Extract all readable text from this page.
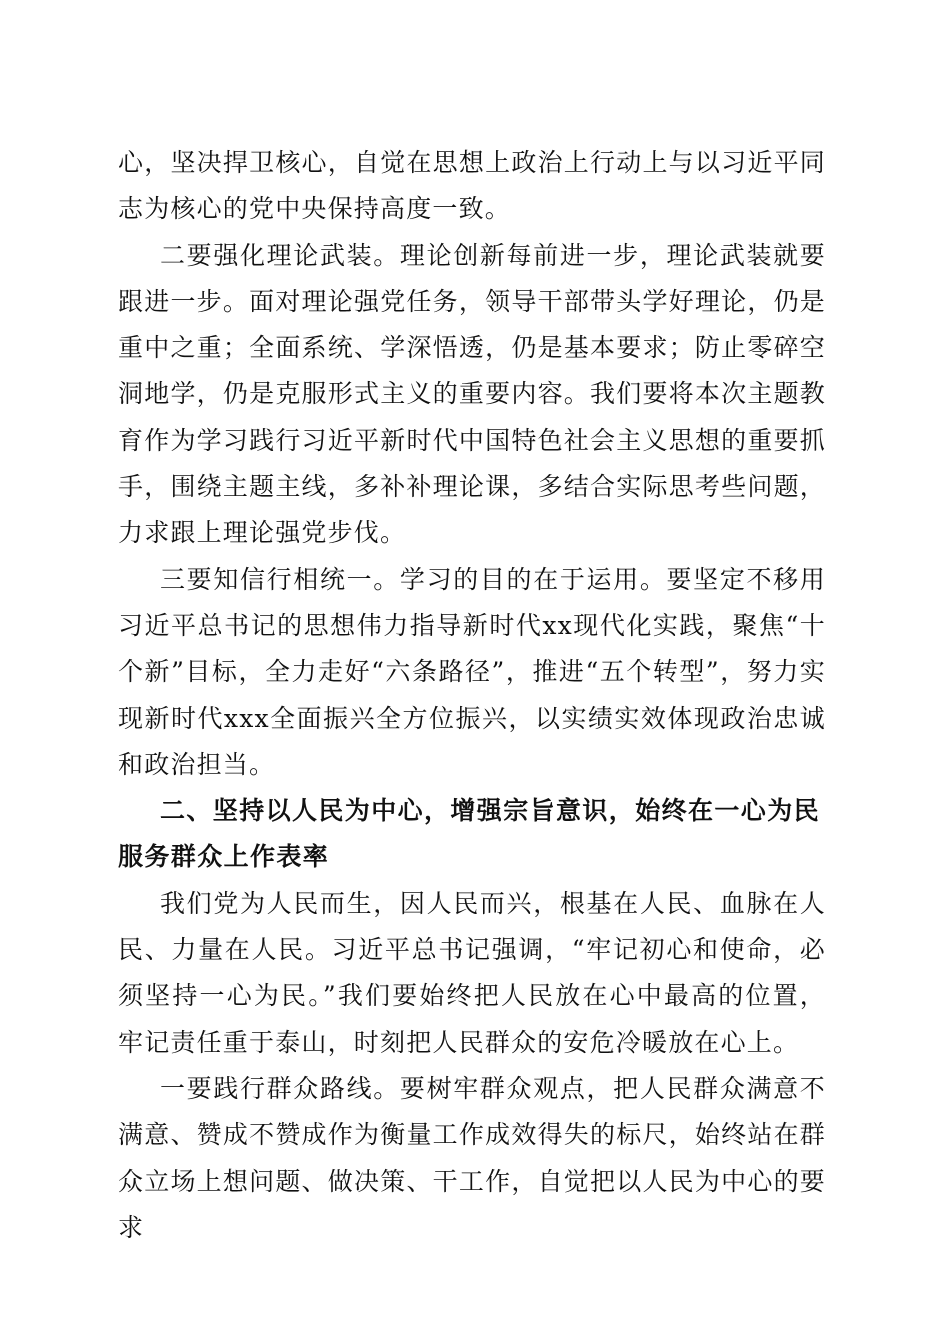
心，坚决捍卫核心，自觉在思想上政治上行动上与以习近平同志为核心的党中央保持高度一致。

二要强化理论武装。理论创新每前进一步，理论武装就要跟进一步。面对理论强党任务，领导干部带头学好理论，仍是重中之重；全面系统、学深悟透，仍是基本要求；防止零碎空洞地学，仍是克服形式主义的重要内容。我们要将本次主题教育作为学习践行习近平新时代中国特色社会主义思想的重要抓手，围绕主题主线，多补补理论课，多结合实际思考些问题，力求跟上理论强党步伐。

三要知信行相统一。学习的目的在于运用。要坚定不移用习近平总书记的思想伟力指导新时代xx现代化实践，聚焦“十个新”目标，全力走好“六条路径”，推进“五个转型”，努力实现新时代xxx全面振兴全方位振兴，以实绩实效体现政治忠诚和政治担当。

二、坚持以人民为中心，增强宗旨意识，始终在一心为民服务群众上作表率

我们党为人民而生，因人民而兴，根基在人民、血脉在人民、力量在人民。习近平总书记强调，“牢记初心和使命，必须坚持一心为民。”我们要始终把人民放在心中最高的位置，牢记责任重于泰山，时刻把人民群众的安危冷暖放在心上。

一要践行群众路线。要树牢群众观点，把人民群众满意不满意、赞成不赞成作为衡量工作成效得失的标尺，始终站在群众立场上想问题、做决策、干工作，自觉把以人民为中心的要求
